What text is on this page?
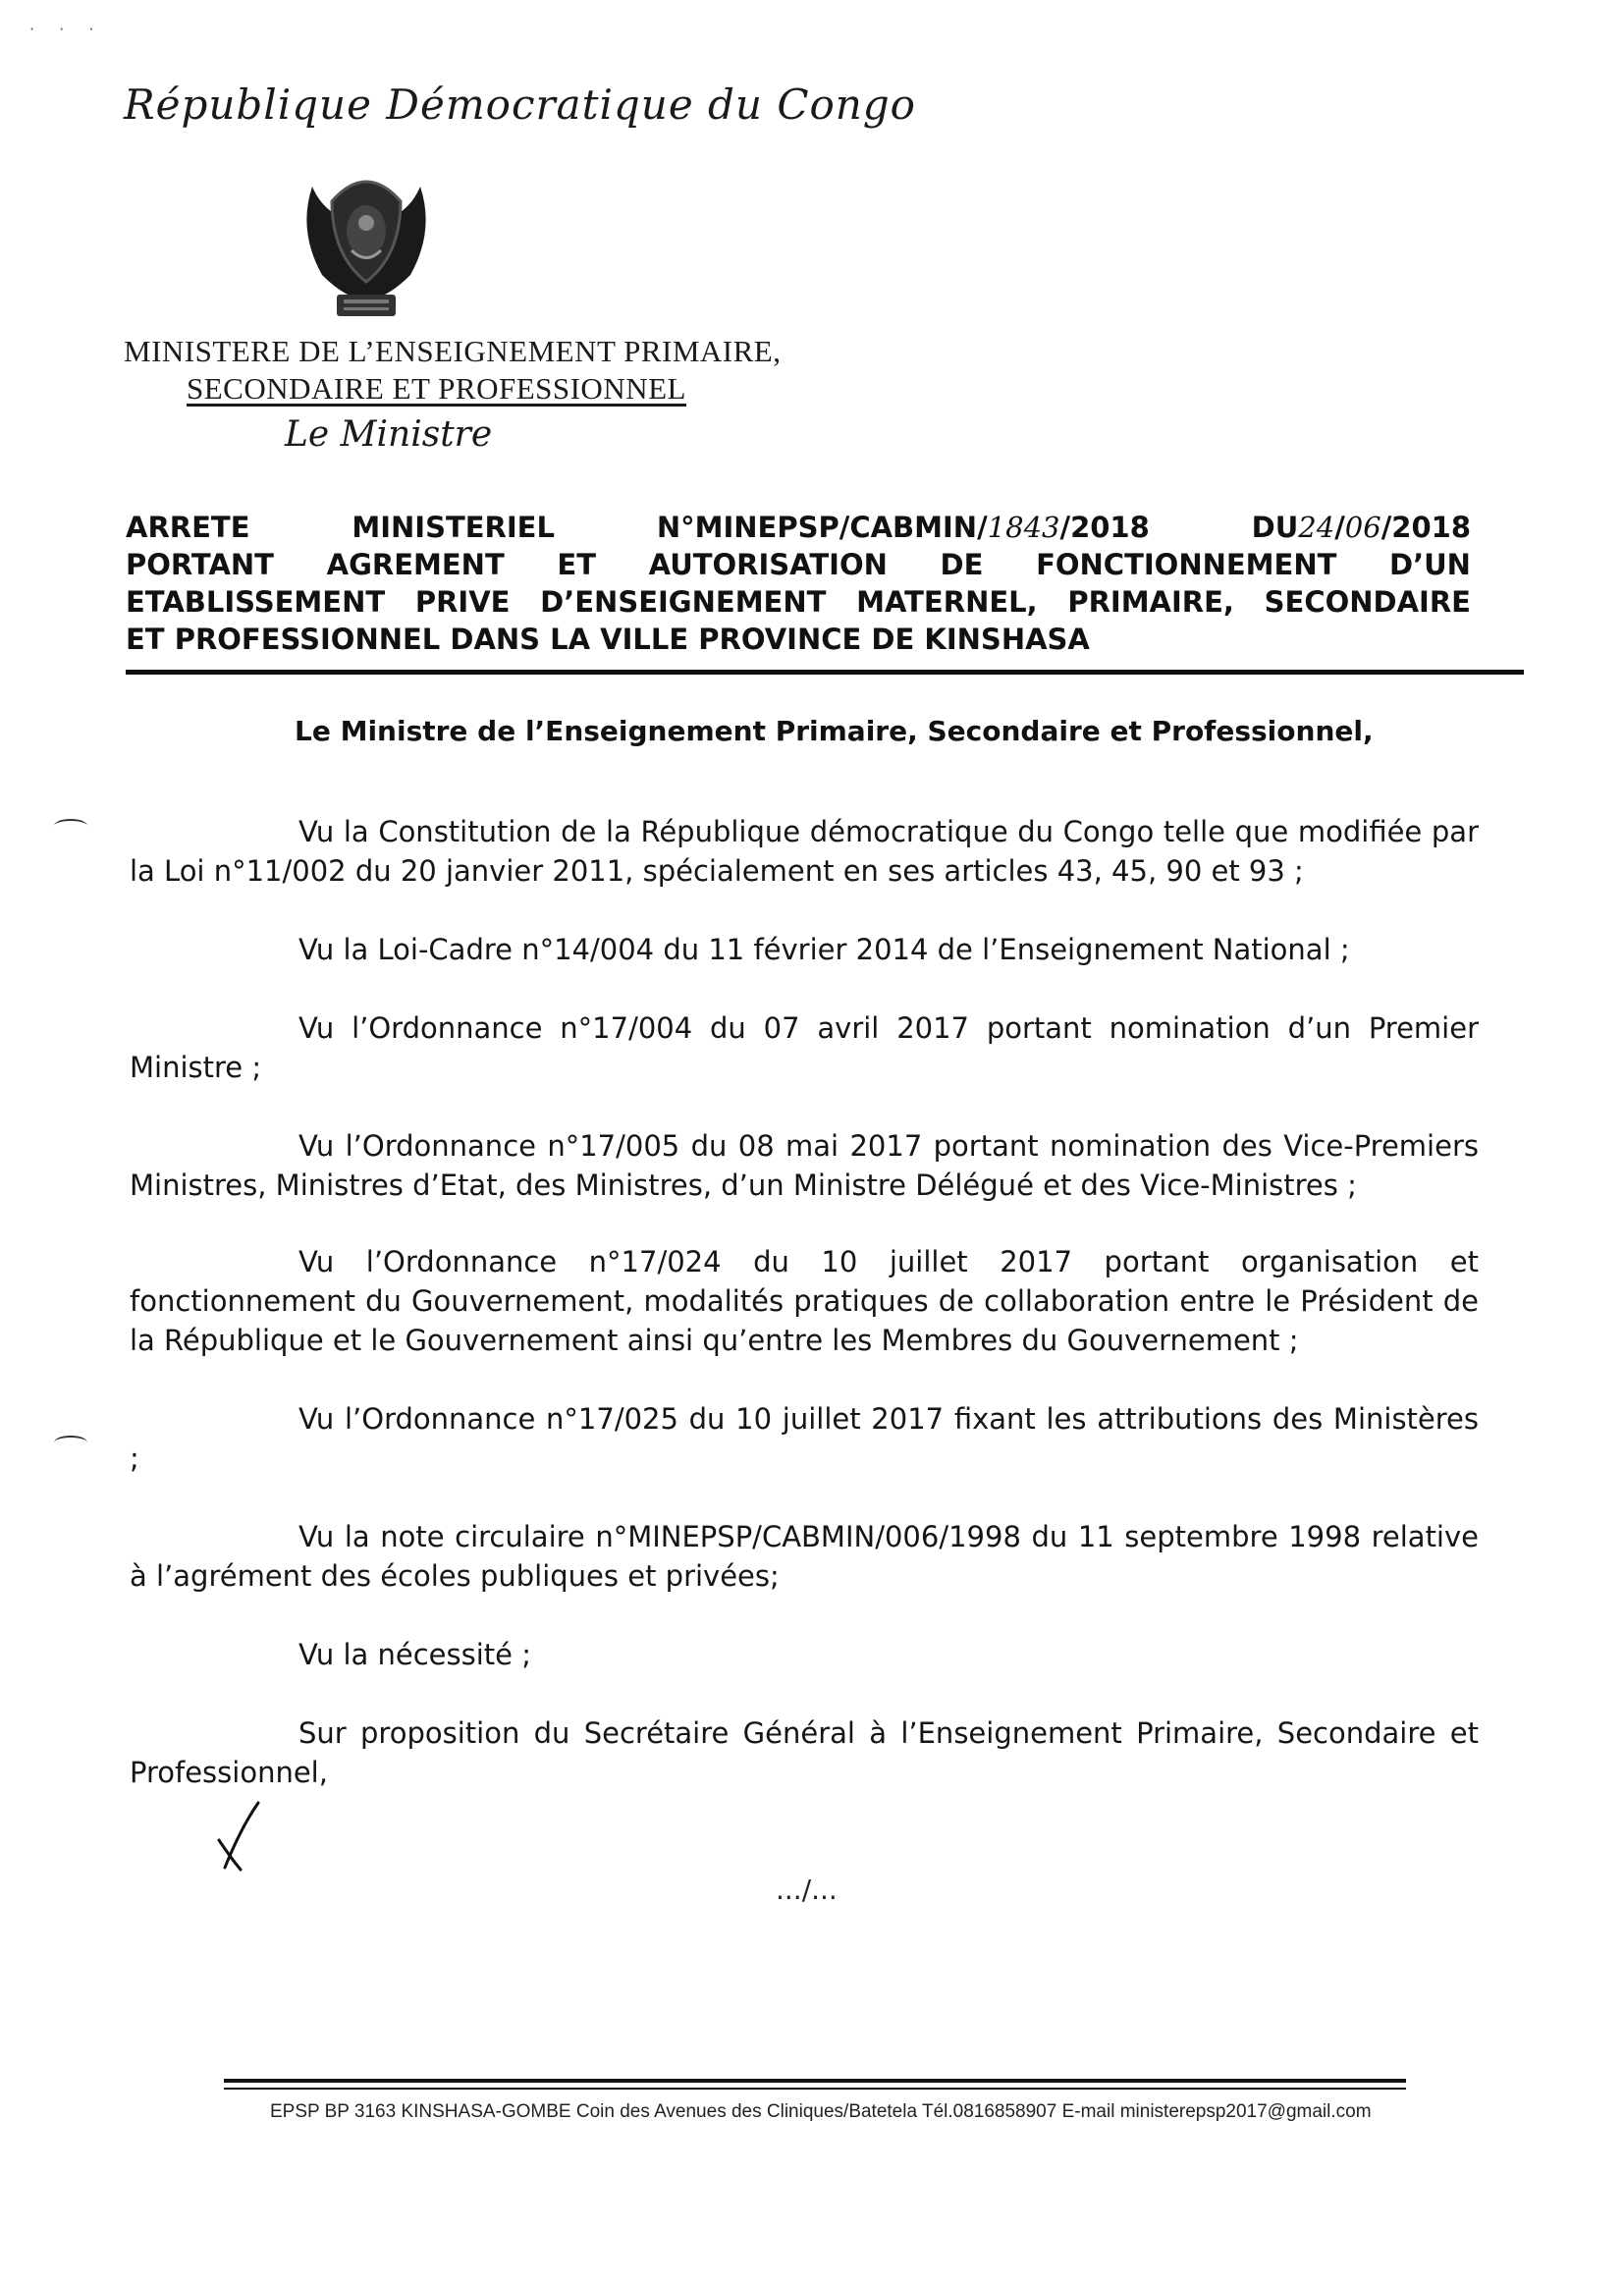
· · ·
République Démocratique du Congo
MINISTERE DE L’ENSEIGNEMENT PRIMAIRE,
SECONDAIRE ET PROFESSIONNEL
Le Ministre
ARRETE	MINISTERIEL	N°MINEPSP/CABMIN/1843/2018	DU24/06/2018
PORTANT AGREMENT ET AUTORISATION DE FONCTIONNEMENT D’UN
ETABLISSEMENT PRIVE D’ENSEIGNEMENT MATERNEL, PRIMAIRE, SECONDAIRE
ET PROFESSIONNEL DANS LA VILLE PROVINCE DE KINSHASA
Le Ministre de l’Enseignement Primaire, Secondaire et Professionnel,
Vu la Constitution de la République démocratique du Congo telle que modifiée par la Loi n°11/002 du 20 janvier 2011, spécialement en ses articles 43, 45, 90 et 93 ;
Vu la Loi-Cadre n°14/004 du 11 février 2014 de l’Enseignement National ;
Vu l’Ordonnance n°17/004 du 07 avril 2017 portant nomination d’un Premier Ministre ;
Vu l’Ordonnance n°17/005 du 08 mai 2017 portant nomination des Vice-Premiers Ministres, Ministres d’Etat, des Ministres, d’un Ministre Délégué et des Vice-Ministres ;
Vu l’Ordonnance n°17/024 du 10 juillet 2017 portant organisation et fonctionnement du Gouvernement, modalités pratiques de collaboration entre le Président de la République et le Gouvernement ainsi qu’entre les Membres du Gouvernement ;
Vu l’Ordonnance n°17/025 du 10 juillet 2017 fixant les attributions des Ministères ;
Vu la note circulaire n°MINEPSP/CABMIN/006/1998 du 11 septembre 1998 relative à l’agrément des écoles publiques et privées;
Vu la nécessité ;
Sur proposition du Secrétaire Général à l’Enseignement Primaire, Secondaire et Professionnel,
.../...
EPSP BP 3163 KINSHASA-GOMBE Coin des Avenues des Cliniques/Batetela Tél.0816858907 E-mail ministerepsp2017@gmail.com
